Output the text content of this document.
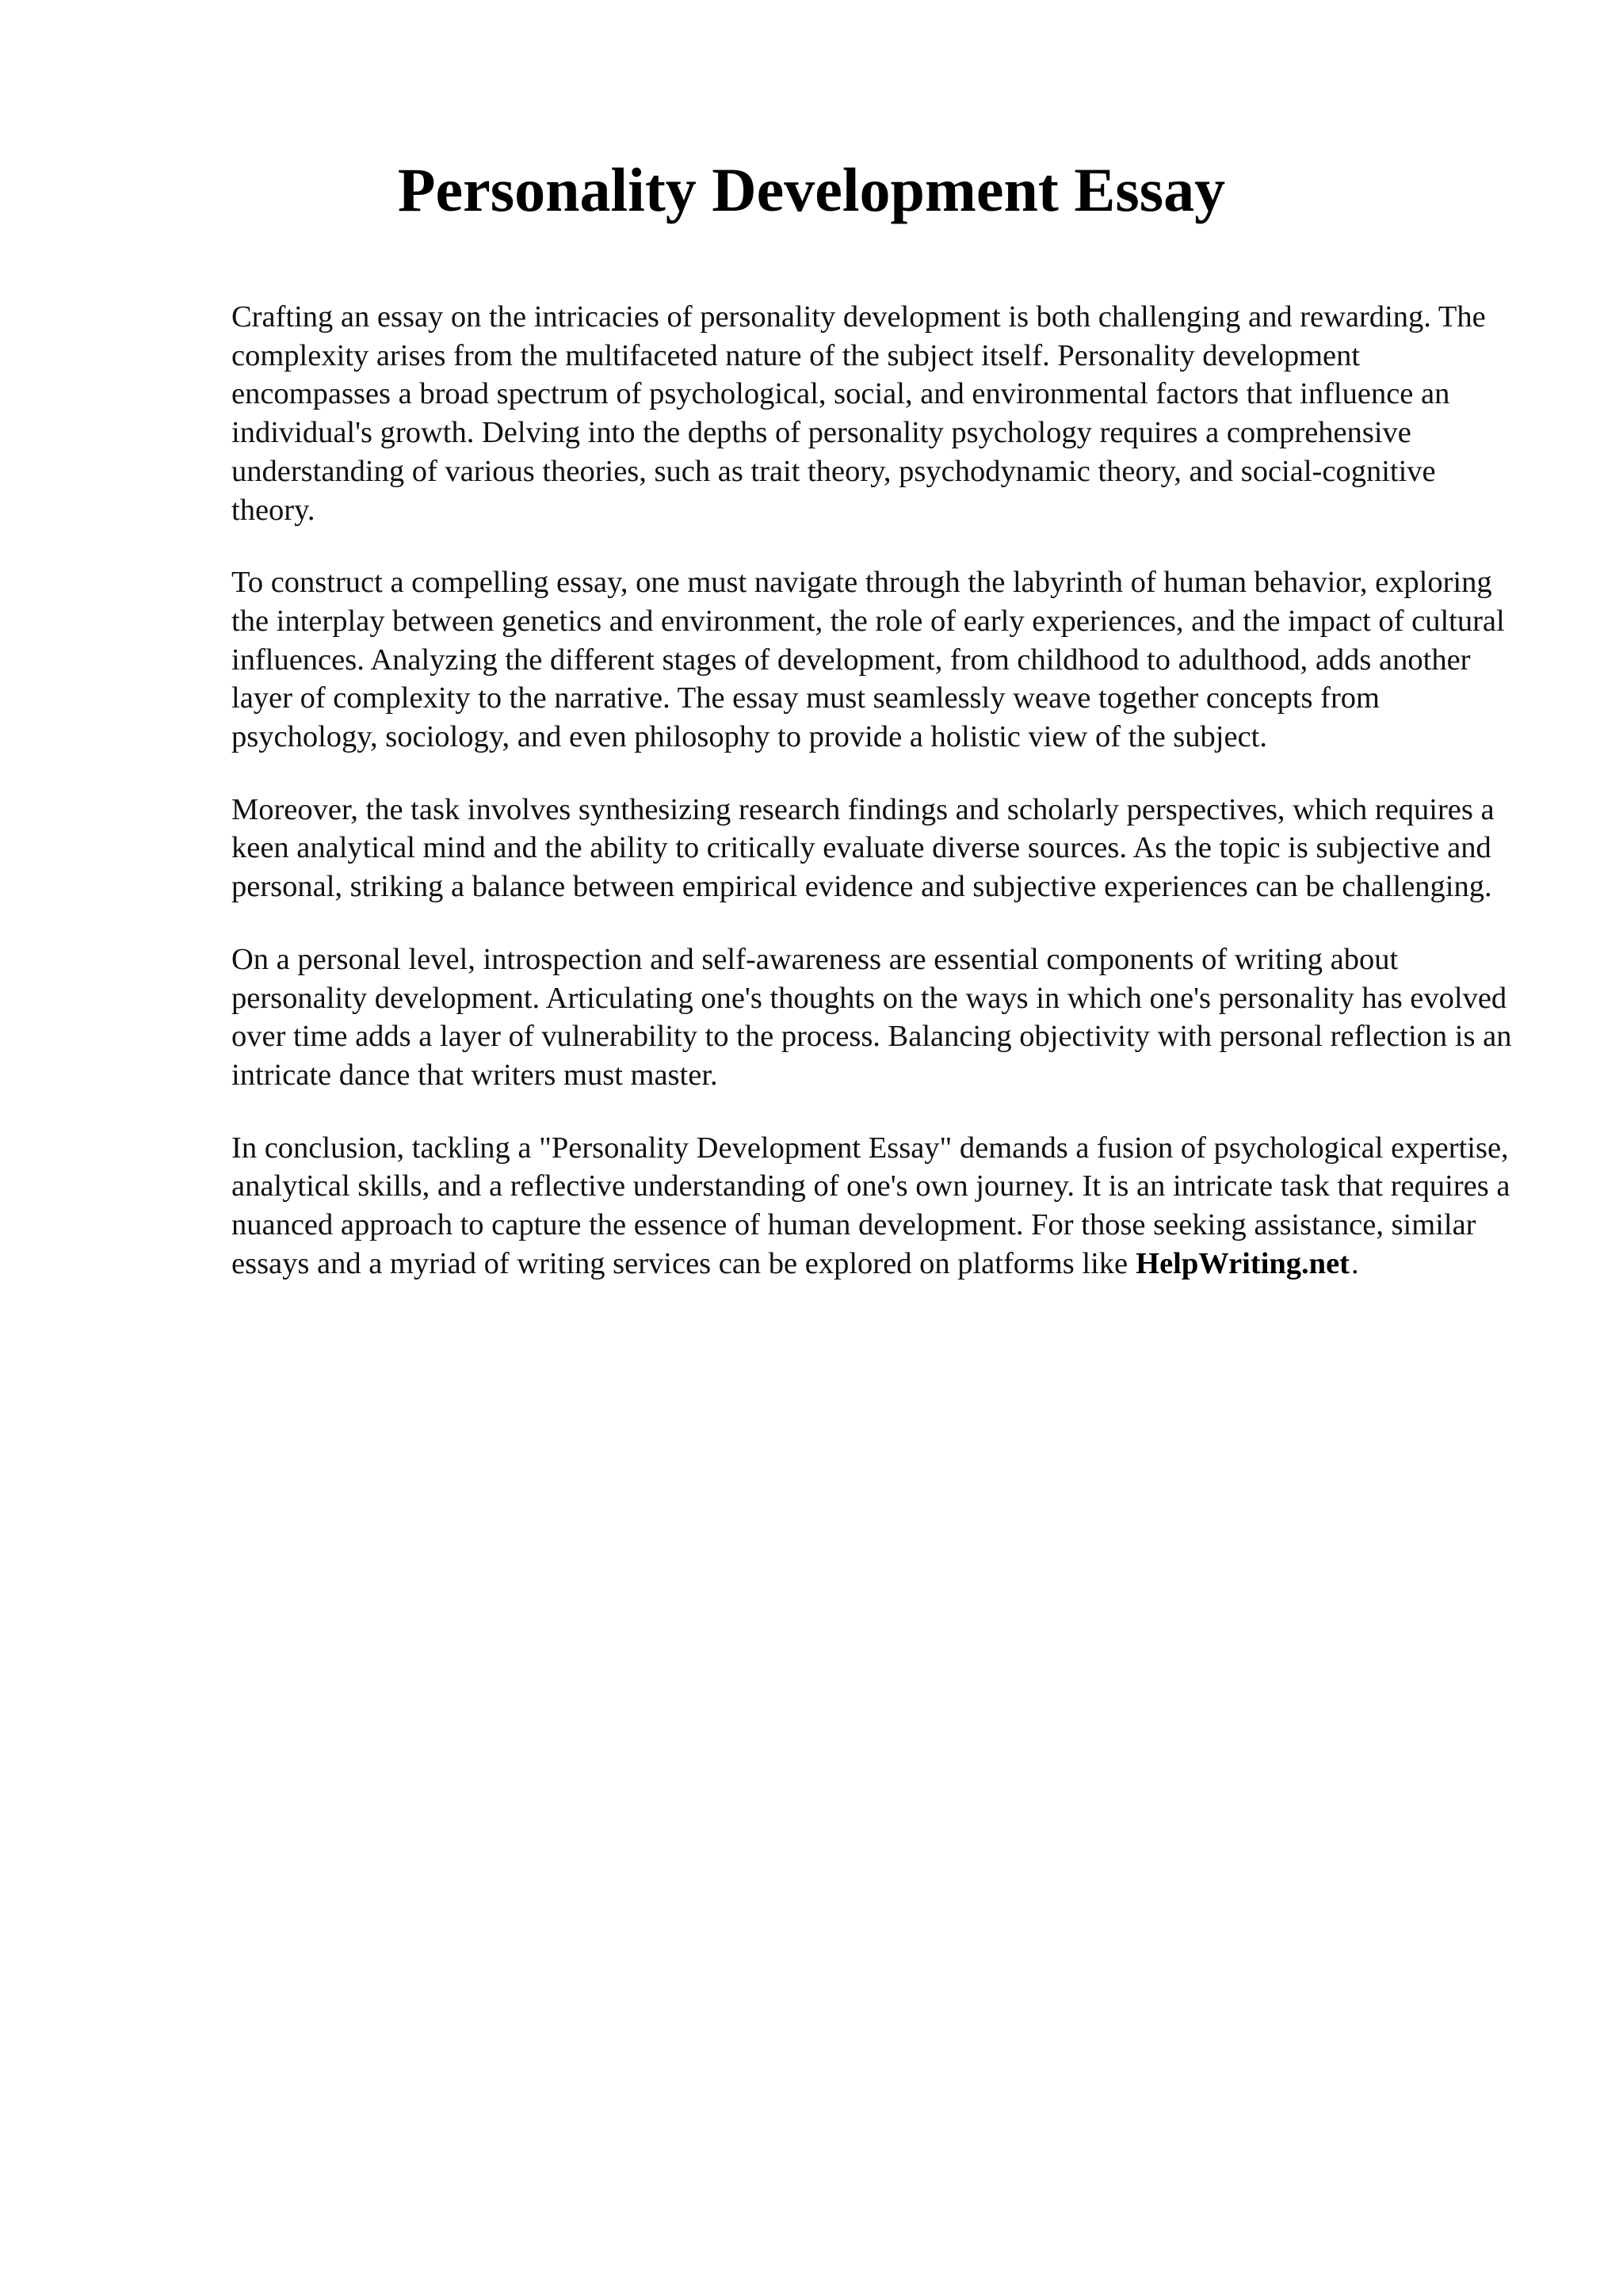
Personality Development Essay

Crafting an essay on the intricacies of personality development is both challenging and rewarding. The complexity arises from the multifaceted nature of the subject itself. Personality development encompasses a broad spectrum of psychological, social, and environmental factors that influence an individual's growth. Delving into the depths of personality psychology requires a comprehensive understanding of various theories, such as trait theory, psychodynamic theory, and social-cognitive theory.

To construct a compelling essay, one must navigate through the labyrinth of human behavior, exploring the interplay between genetics and environment, the role of early experiences, and the impact of cultural influences. Analyzing the different stages of development, from childhood to adulthood, adds another layer of complexity to the narrative. The essay must seamlessly weave together concepts from psychology, sociology, and even philosophy to provide a holistic view of the subject.

Moreover, the task involves synthesizing research findings and scholarly perspectives, which requires a keen analytical mind and the ability to critically evaluate diverse sources. As the topic is subjective and personal, striking a balance between empirical evidence and subjective experiences can be challenging.

On a personal level, introspection and self-awareness are essential components of writing about personality development. Articulating one's thoughts on the ways in which one's personality has evolved over time adds a layer of vulnerability to the process. Balancing objectivity with personal reflection is an intricate dance that writers must master.

In conclusion, tackling a "Personality Development Essay" demands a fusion of psychological expertise, analytical skills, and a reflective understanding of one's own journey. It is an intricate task that requires a nuanced approach to capture the essence of human development. For those seeking assistance, similar essays and a myriad of writing services can be explored on platforms like HelpWriting.net.
